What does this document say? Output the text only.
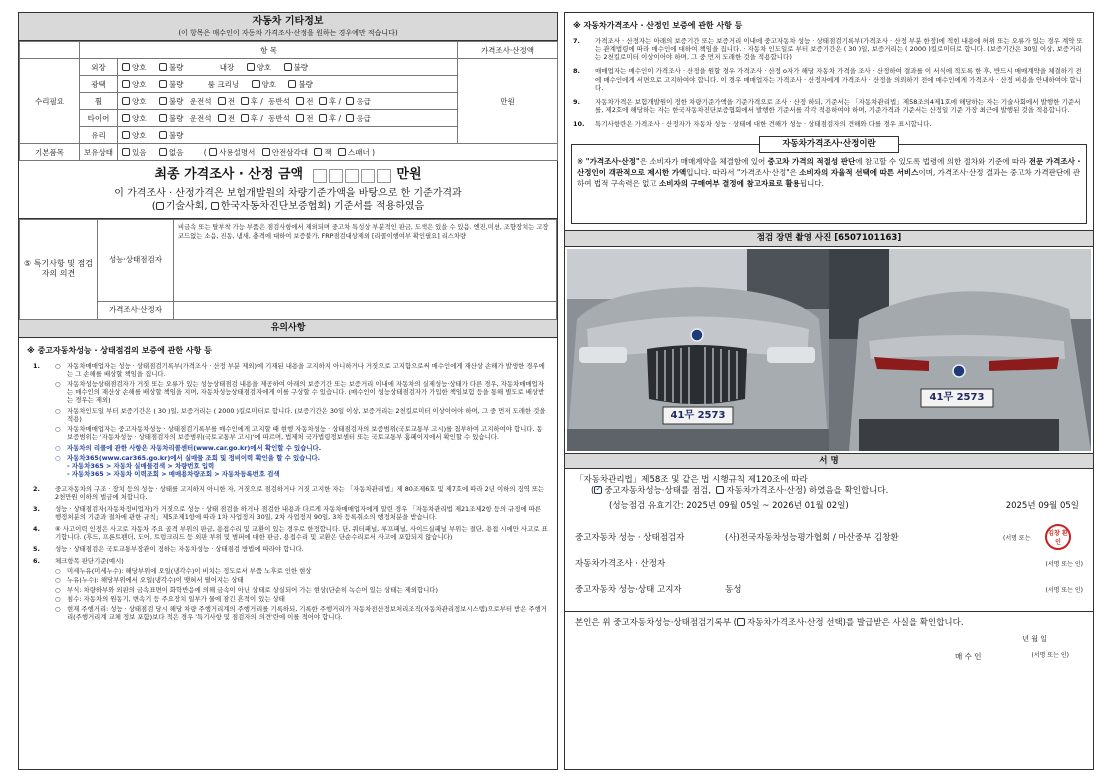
자동차 기타정보
(이 항목은 매수인이 자동차 가격조사·산정을 원하는 경우에만 적습니다)
	항 목		가격조사·산정액
수리필요	외장	양호 불량 내장 양호 불량	만원
	광택	양호 불량 룸 크리닝 양호 불량	
	휠	양호 불량 운전석 전 후 / 동반석 전 후 / 응급	
	타이어	양호 불량 운전석 전 후 / 동반석 전 후 / 응급	
	유리	양호 불량	
기본품목	보유상태	있음 없음 ( 사용설명서 안전삼각대 잭 스패너 )	
최종 가격조사 · 산정 금액	만원
이 가격조사 · 산정가격은 보험개발원의 차량기준가액을 바탕으로 한 기준가격과
( 기술사회, 한국자동차진단보증협회) 기준서를 적용하였음
⑤ 특기사항 및 점검자의 의견	성능·상태점검자	비금속 또는 탈부착 가능 부품은 점검사항에서 제외되며 중고차 특성상 부분적인 판금, 도색은 있을 수 있음. 엔진,미션, 조향장치는 고장코드없는 소음, 진동, 냄새, 충격에 대하여 보증불가, FRP점검대상제외 [리콜이행여부 확인필요] 리스차량
	가격조사·산정자	
유의사항
※ 중고자동차성능 · 상태점검의 보증에 관한 사항 등
1.	○	자동차매매업자는 성능 · 상태점검기록부(가격조사 · 산정 부분 제외)에 기재된 내용을 고지하지 아니하거나 거짓으로 고지함으로써 매수인에게 재산상 손해가 발생한 경우에는 그 손해를 배상할 책임을 집니다.
○	자동차성능상태점검자가 거짓 또는 오류가 있는 성능상태점검 내용을 제공하여 아래의 보증기간 또는 보증거리 이내에 자동차의 실제성능·상태가 다른 경우, 자동차매매업자는 매수인의 재산상 손해를 배상할 책임을 지며, 자동차성능상태점검자에게 이를 구상할 수 있습니다. (매수인이 성능상태점검자가 가입한 책임보험 등을 통해 별도로 배상받는 경우는 제외)
○	자동차인도일 부터 보증기간은 ( 30 )일, 보증거리는 ( 2000 )킬로미터로 합니다. (보증기간은 30일 이상, 보증거리는 2천킬로미터 이상이어야 하며, 그 중 먼저 도래한 것을 적용)
○	자동차매매업자는 중고자동차성능 · 상태점검기록부를 매수인에게 고지할 때 현행 자동차성능 · 상태점검자의 보증범위(국토교통부 고시)를 첨부하여 고지하여야 합니다. 동 보증범위는 '자동차성능 · 상태점검자의 보증범위(국토교통부 고시)'에 따르며, 법제처 국가법령정보센터 또는 국토교통부 홈페이지에서 확인할 수 있습니다.
○	자동차의 리콜에 관한 사항은 자동차리콜센터(www.car.go.kr)에서 확인할 수 있습니다.
○	자동차365(www.car365.go.kr)에서 실매물 조회 및 정비이력 확인을 할 수 있습니다.
- 자동차365 > 자동차 실매물검색 > 차량번호 입력
- 자동차365 > 자동차 이력조회 > 매매용차량조회 > 자동차등록번호 검색
2.	중고자동차의 구조 · 장치 등의 성능 · 상태를 고지하지 아니한 자, 거짓으로 점검하거나 거짓 고지한 자는 「자동차관리법」제 80조제6호 및 제7호에 따라 2년 이하의 징역 또는 2천만원 이하의 벌금에 처합니다.
3.	성능 · 상태점검자(자동차정비업자)가 거짓으로 성능 · 상태 점검을 하거나 점검한 내용과 다르게 자동차매매업자에게 알린 경우 「자동차관리법 제21조제2항 등의 규정에 따른 행정처분의 기준과 절차에 관한 규칙」제5조제1항에 따라 1차 사업정지 30일, 2차 사업정지 90일, 3차 등록취소의 행정처분을 받습니다.
4.	⑥ 사고이력 인정은 사고로 자동차 주요 골격 부위의 판금, 용접수리 및 교환이 있는 경우로 한정합니다. 단, 쿼터패널, 루프패널, 사이드실패널 부위는 절단, 용접 시에만 사고로 표기합니다. (후드, 프론트펜더, 도어, 트렁크리드 등 외판 부위 및 범퍼에 대한 판금, 용접수리 및 교환은 단순수리로서 사고에 포함되지 않습니다)
5.	성능 · 상태점검은 국토교통부장관이 정하는 자동차성능 · 상태점검 방법에 따라야 합니다.
6.	체크항목 판단기준(예시)
○	미세누유(미세누수): 해당부위에 오일(냉각수)이 비치는 정도로서 부품 노후로 인한 현상
○	누유(누수): 해당부위에서 오일(냉각수)이 맺혀서 떨어지는 상태
○	부식: 차량하부와 외판의 금속표면이 화학반응에 의해 금속이 아닌 상태로 상실되어 가는 현상(단순히 녹슨어 있는 상태는 제외합니다)
○	침수: 자동차의 원동기, 변속기 등 주요장치 일부가 물에 잠긴 흔적이 있는 상태
○	현재 주행거리: 성능 · 상태점검 당시 해당 차량 주행거리계의 주행거리를 기록하되, 기록한 주행거리가 자동차전산정보처리조직(자동차관리정보시스템)으로부터 받은 주행거리(주행거리계 교체 정보 포함)보다 적은 경우 '특기사항 및 점검자의 의견'란에 이를 적어야 합니다.
※ 자동차가격조사 · 산정인 보증에 관한 사항 등
7.	가격조사 · 산정자는 아래의 보증기간 또는 보증거리 이내에 중고자동차 성능 · 상태점검기록부(가격조사 · 산정 부분 한정)에 적힌 내용에 허위 또는 오류가 있는 경우 계약 또는 관계법령에 따라 매수인에 대하여 책임을 집니다. · 자동차 인도일로 부터 보증기간은 ( 30 )일, 보증거리는 ( 2000 )킬로미터로 합니다. (보증기간은 30일 이상, 보증거리는 2천킬로미터 이상이어야 하며, 그 중 먼저 도래한 것을 적용합니다)
8.	매매업자는 매수인이 가격조사 · 산정을 원할 경우 가격조사 · 산정 o자가 해당 자동차 가격을 조사 · 산정하여 결과를 이 서식에 적도록 한 후, 반드시 매매계약을 체결하기 전에 매수인에게 서면으로 고지하여야 합니다. 이 경우 매매업자는 가격조사 · 산정자에게 가격조사 · 산정을 의뢰하기 전에 매수인에게 가격조사 · 산정 비용을 안내하여야 합니다.
9.	자동차가격은 보험개발원이 정한 차량기준가액을 기준가격으로 조사 · 산정 하되, 기준서는 「자동차관리법」제58조의4제1호에 해당하는 자는 기술사회에서 발행한 기준서를, 제2호에 해당하는 자는 한국자동차진단보증협회에서 발행한 기준서를 각각 적용하여야 하며, 기준가격과 기준서는 산정일 기준 가장 최근에 발행된 것을 적용합니다.
10.	특기사항란은 가격조사 · 산정자가 자동차 성능 · 상태에 대한 견해가 성능 · 상태점검자의 견해와 다를 경우 표시합니다.
자동차가격조사·산정이란
※ "가격조사·산정"은 소비자가 매매계약을 체결함에 있어 중고차 가격의 적절성 판단에 참고할 수 있도록 법령에 의한 절차와 기준에 따라 전문 가격조사 · 산정인이 객관적으로 제시한 가액입니다. 따라서 "가격조사·산정"은 소비자의 자율적 선택에 따른 서비스이며, 가격조사·산정 결과는 중고차 가격판단에 관하여 법적 구속력은 없고 소비자의 구매여부 결정에 참고자료로 활용됩니다.
점검 장면 촬영 사진 [6507101163]
41무 2573
41무 2573
서 명
「자동차관리법」제58조 및 같은 법 시행규칙 제120조에 따라
( ✓ 중고자동차성능·상태를 점검, 자동차가격조사·산정) 하였음을 확인합니다.
(성능점검 유효기간: 2025년 09월 05일 ~ 2026년 01월 02일)	2025년 09월 05일
중고자동차 성능 · 상태점검자	(사)전국자동차성능평가협회 / 마산중부 김창환	(서명 또는
김창 환인
자동차가격조사 · 산정자	(서명 또는 인)
중고자동차 성능·상태 고지자	동성	(서명 또는 인)
본인은 위 중고자동차성능·상태점검기록부 ( 자동차가격조사·산정 선택)를 발급받은 사실을 확인합니다.
년 월 일
매 수 인	(서명 또는 인)
